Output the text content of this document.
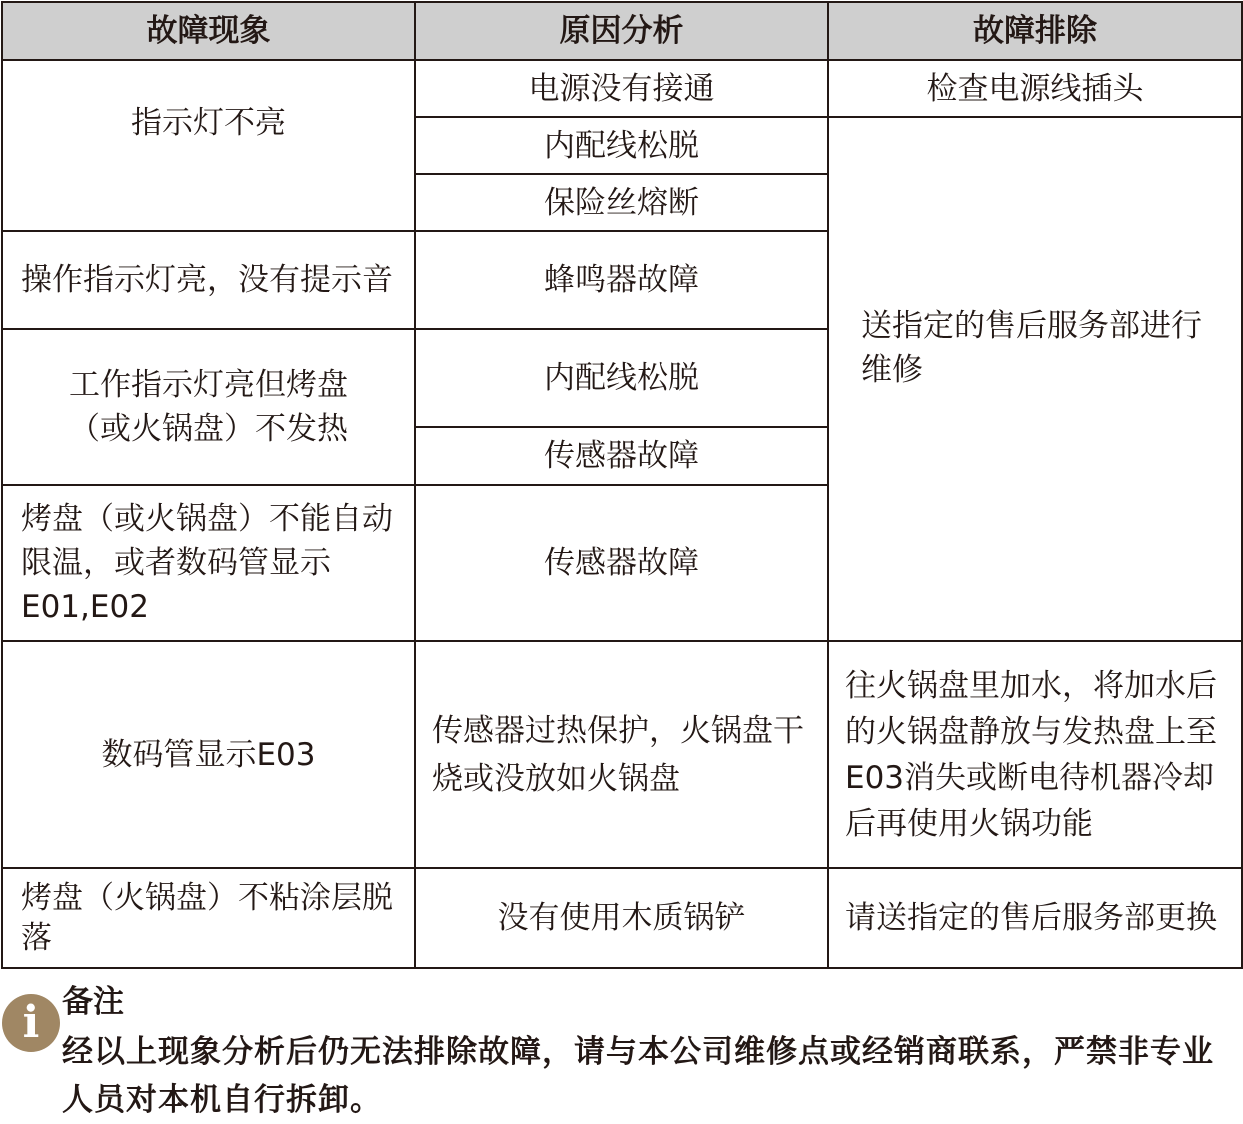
故障现象	原因分析	故障排除
指示灯不亮	电源没有接通	检查电源线插头
	内配线松脱	送指定的售后服务部进行维修
	保险丝熔断	
操作指示灯亮，没有提示音	蜂鸣器故障	
工作指示灯亮但烤盘（或火锅盘）不发热	内配线松脱	
	传感器故障	
烤盘（或火锅盘）不能自动限温，或者数码管显示E01,E02	传感器故障	
数码管显示E03	传感器过热保护，火锅盘干烧或没放如火锅盘	往火锅盘里加水，将加水后的火锅盘静放与发热盘上至E03消失或断电待机器冷却后再使用火锅功能
烤盘（火锅盘）不粘涂层脱落	没有使用木质锅铲	请送指定的售后服务部更换
i 备注
经以上现象分析后仍无法排除故障，请与本公司维修点或经销商联系，严禁非专业人员对本机自行拆卸。
